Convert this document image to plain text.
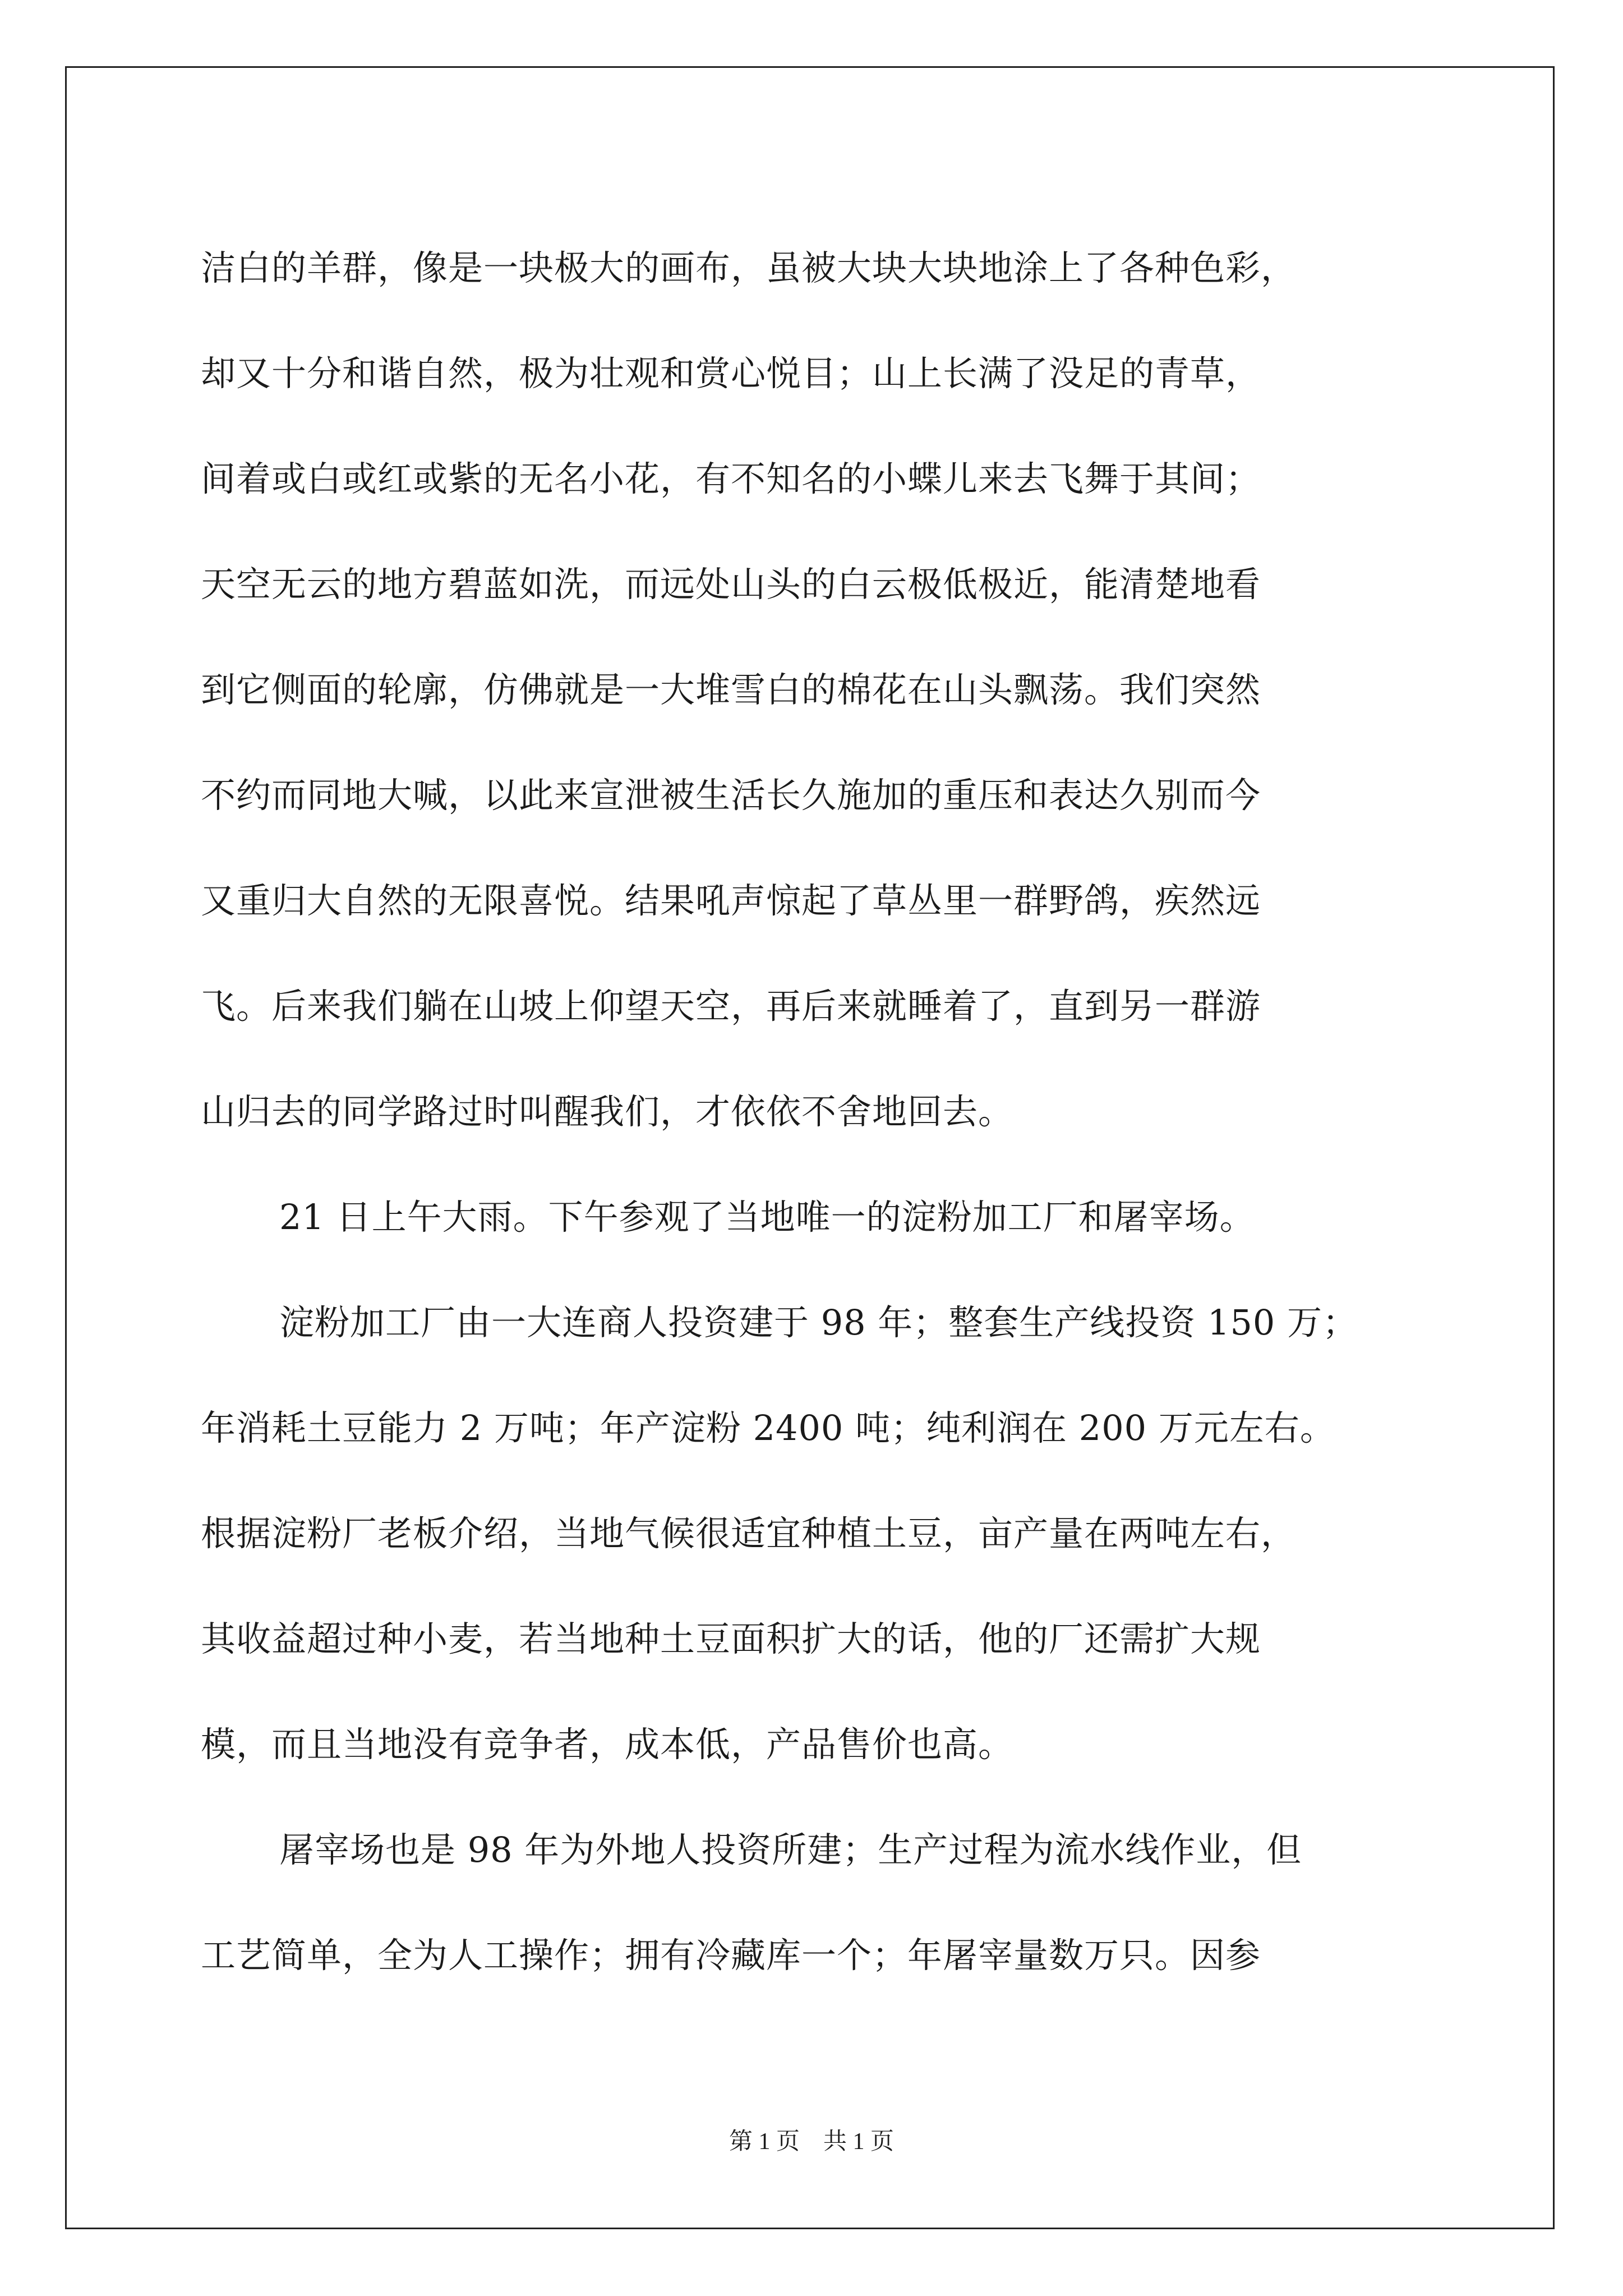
洁白的羊群，像是一块极大的画布，虽被大块大块地涂上了各种色彩，
却又十分和谐自然，极为壮观和赏心悦目；山上长满了没足的青草，
间着或白或红或紫的无名小花，有不知名的小蝶儿来去飞舞于其间；
天空无云的地方碧蓝如洗，而远处山头的白云极低极近，能清楚地看
到它侧面的轮廓，仿佛就是一大堆雪白的棉花在山头飘荡。我们突然
不约而同地大喊，以此来宣泄被生活长久施加的重压和表达久别而今
又重归大自然的无限喜悦。结果吼声惊起了草丛里一群野鸽，疾然远
飞。后来我们躺在山坡上仰望天空，再后来就睡着了，直到另一群游
山归去的同学路过时叫醒我们，才依依不舍地回去。
21 日上午大雨。下午参观了当地唯一的淀粉加工厂和屠宰场。
淀粉加工厂由一大连商人投资建于 98 年；整套生产线投资 150 万；
年消耗土豆能力 2 万吨；年产淀粉 2400 吨；纯利润在 200 万元左右。
根据淀粉厂老板介绍，当地气候很适宜种植土豆，亩产量在两吨左右，
其收益超过种小麦，若当地种土豆面积扩大的话，他的厂还需扩大规
模，而且当地没有竞争者，成本低，产品售价也高。
屠宰场也是 98 年为外地人投资所建；生产过程为流水线作业，但
工艺简单，全为人工操作；拥有冷藏库一个；年屠宰量数万只。因参
第 1 页　共 1 页
